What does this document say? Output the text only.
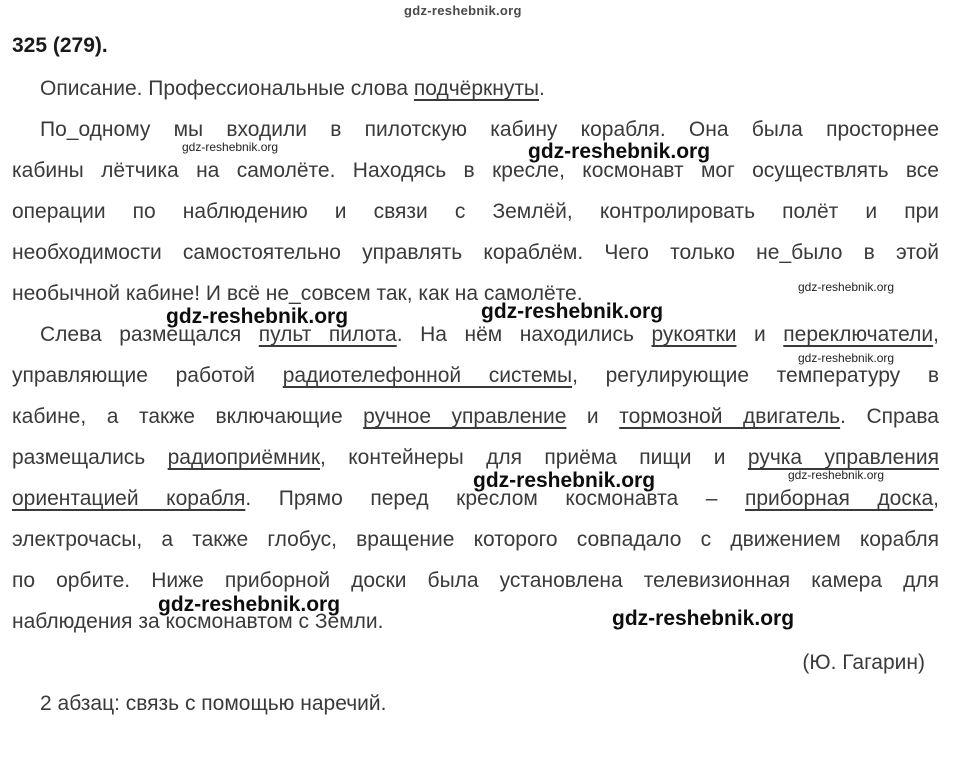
gdz-reshebnik.org
325 (279).
Описание. Профессиональные слова подчёркнуты.
По_одному мы входили в пилотскую кабину корабля. Она была просторнее
кабины лётчика на самолёте. Находясь в кресле, космонавт мог осуществлять все
операции по наблюдению и связи с Землёй, контролировать полёт и при
необходимости самостоятельно управлять кораблём. Чего только не_было в этой
необычной кабине! И всё не_совсем так, как на самолёте.
Слева размещался пульт пилота. На нём находились рукоятки и переключатели,
управляющие работой радиотелефонной системы, регулирующие температуру в
кабине, а также включающие ручное управление и тормозной двигатель. Справа
размещались радиоприёмник, контейнеры для приёма пищи и ручка управления
ориентацией корабля. Прямо перед креслом космонавта – приборная доска,
электрочасы, а также глобус, вращение которого совпадало с движением корабля
по орбите. Ниже приборной доски была установлена телевизионная камера для
наблюдения за космонавтом с Земли.
(Ю. Гагарин)
2 абзац: связь с помощью наречий.
gdz-reshebnik.org	gdz-reshebnik.org
gdz-reshebnik.org
gdz-reshebnik.org	gdz-reshebnik.org
gdz-reshebnik.org
gdz-reshebnik.org
gdz-reshebnik.org
gdz-reshebnik.org
gdz-reshebnik.org
